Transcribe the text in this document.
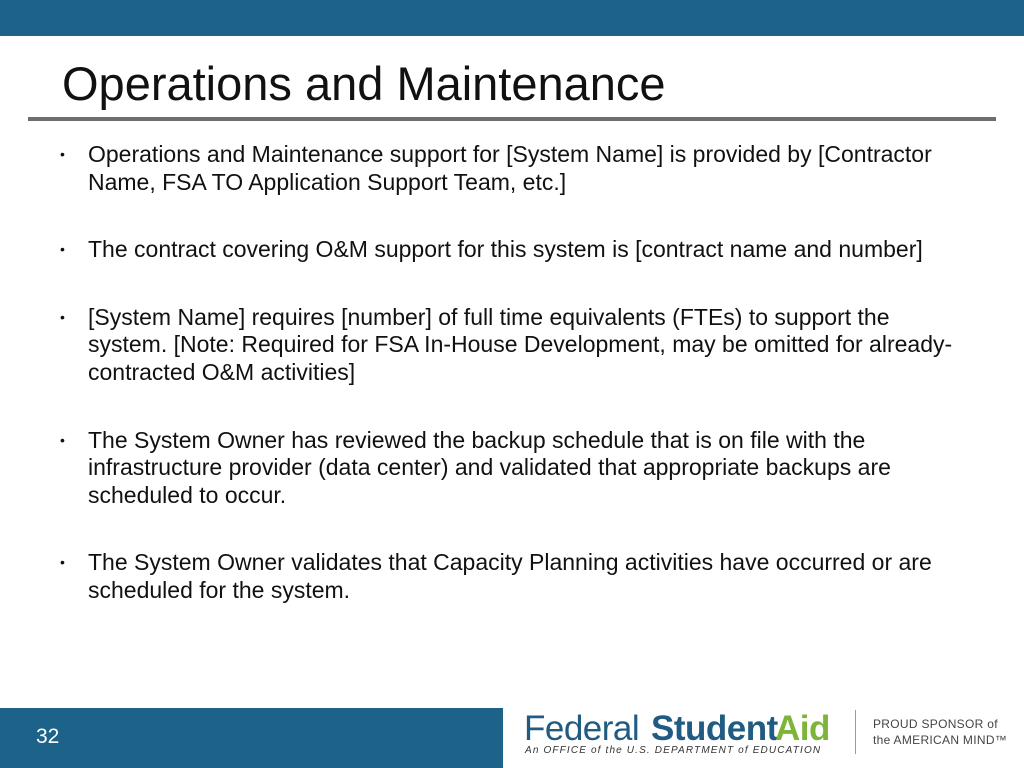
Operations and Maintenance
• Operations and Maintenance support for [System Name] is provided by [Contractor Name, FSA TO Application Support Team, etc.]
• The contract covering O&M support for this system is [contract name and number]
• [System Name] requires [number] of full time equivalents (FTEs) to support the system. [Note: Required for FSA In-House Development, may be omitted for already-contracted O&M activities]
• The System Owner has reviewed the backup schedule that is on file with the infrastructure provider (data center) and validated that appropriate backups are scheduled to occur.
• The System Owner validates that Capacity Planning activities have occurred or are scheduled for the system.
32	Federal Student
Aid
An OFFICE of the U.S. DEPARTMENT of EDUCATION
PROUD SPONSOR of
the AMERICAN MIND™
